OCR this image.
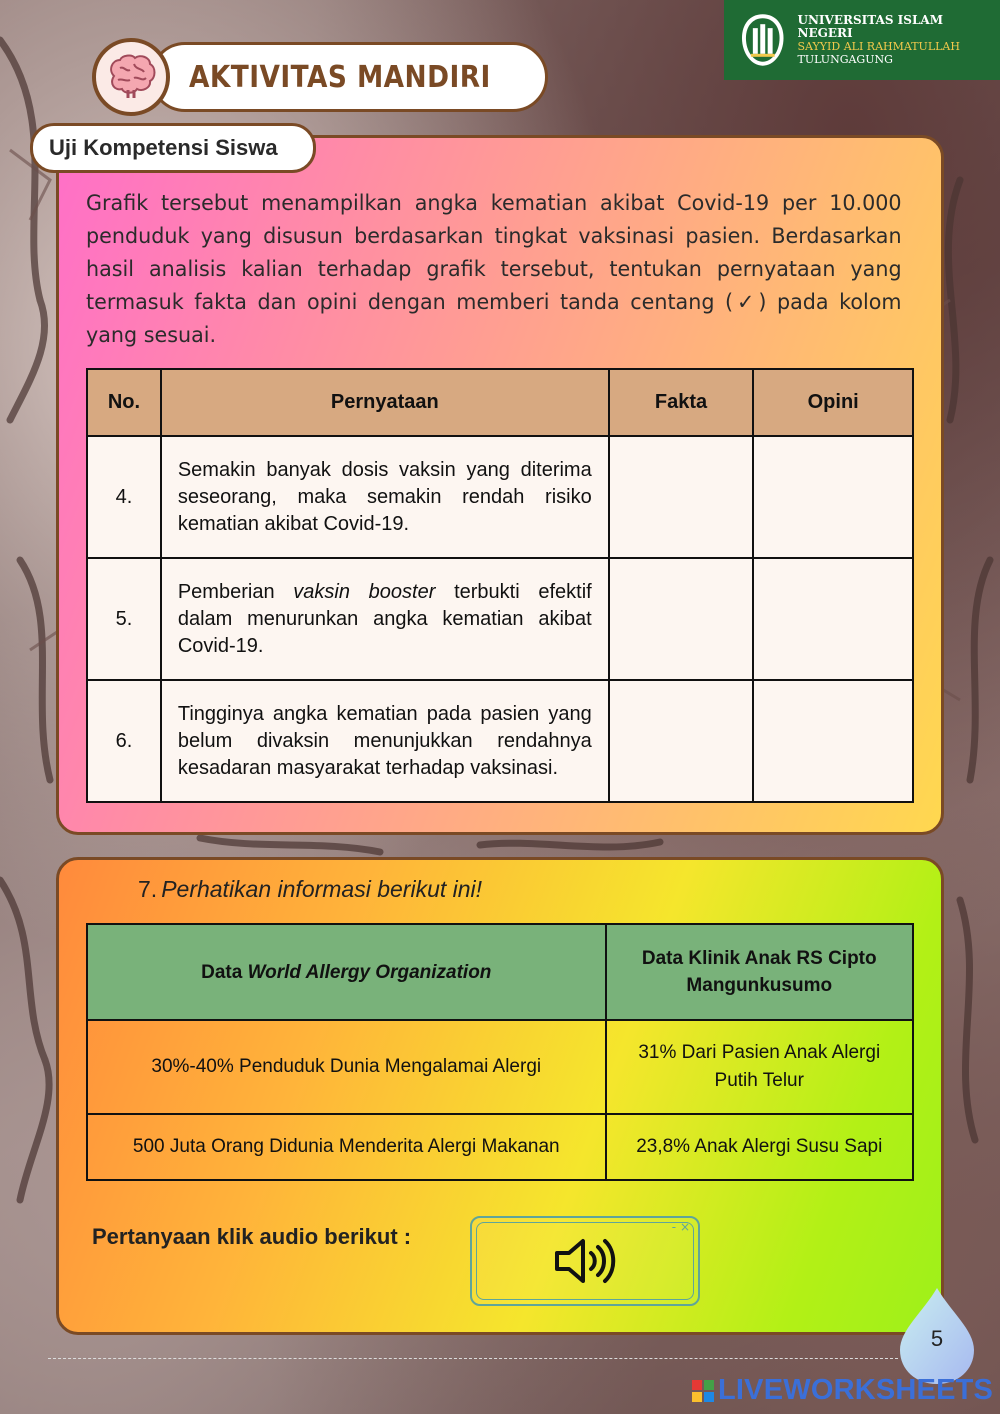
UNIVERSITAS ISLAM NEGERI
SAYYID ALI RAHMATULLAH
TULUNGAGUNG
AKTIVITAS MANDIRI
Uji Kompetensi Siswa

Grafik tersebut menampilkan angka kematian akibat Covid-19 per 10.000 penduduk yang disusun berdasarkan tingkat vaksinasi pasien. Berdasarkan hasil analisis kalian terhadap grafik tersebut, tentukan pernyataan yang termasuk fakta dan opini dengan memberi tanda centang (✓) pada kolom yang sesuai.

No.	Pernyataan	Fakta	Opini
4.	Semakin banyak dosis vaksin yang diterima seseorang, maka semakin rendah risiko kematian akibat Covid-19.		
5.	Pemberian vaksin booster terbukti efektif dalam menurunkan angka kematian akibat Covid-19.		
6.	Tingginya angka kematian pada pasien yang belum divaksin menunjukkan rendahnya kesadaran masyarakat terhadap vaksinasi.		
7. Perhatikan informasi berikut ini!
Data World Allergy Organization	Data Klinik Anak RS Cipto Mangunkusumo
30%-40% Penduduk Dunia Mengalamai Alergi	31% Dari Pasien Anak Alergi Putih Telur
500 Juta Orang Didunia Menderita Alergi Makanan	23,8% Anak Alergi Susu Sapi
Pertanyaan klik audio berikut :	- ×
5
LIVEWORKSHEETS
